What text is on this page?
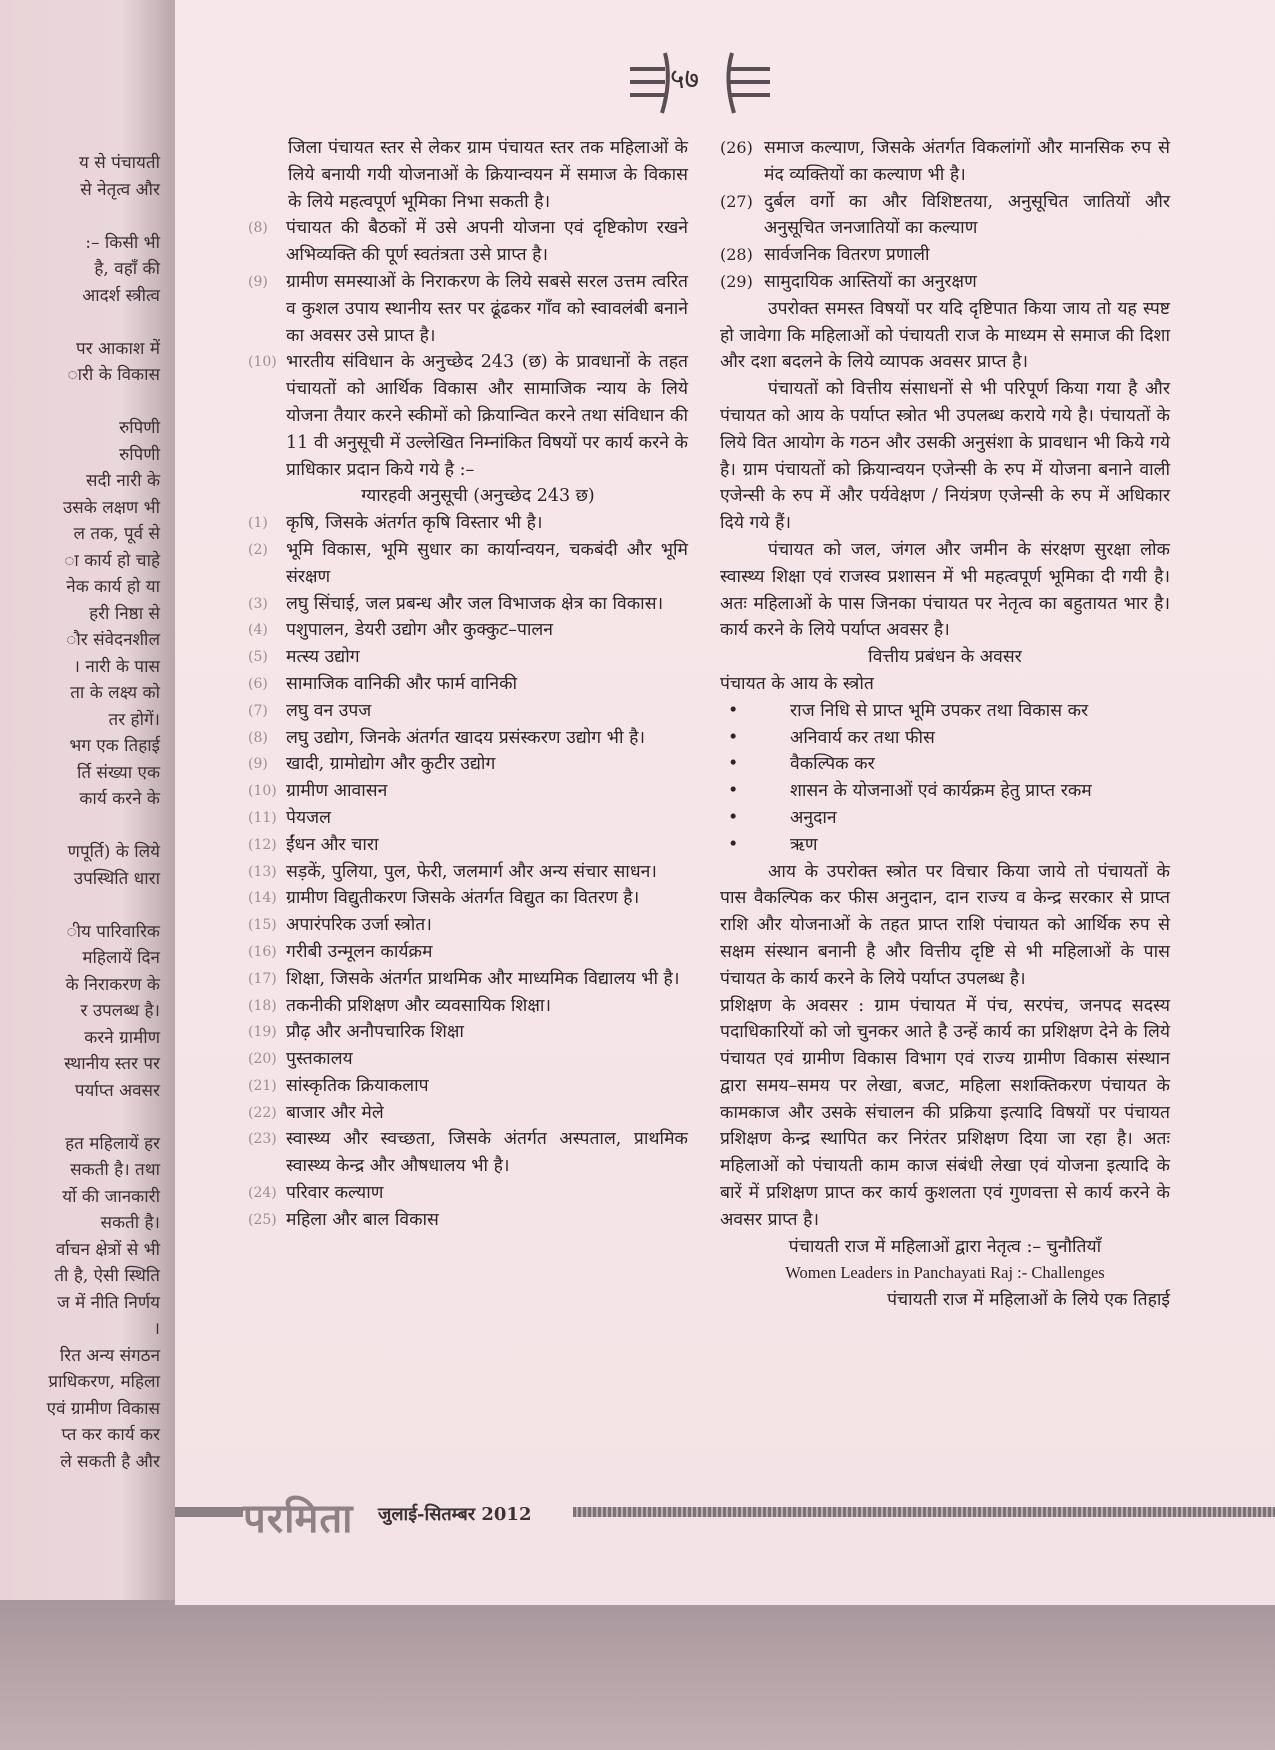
य से पंचायती
से नेतृत्व और
:– किसी भी
है, वहाँ की
आदर्श स्त्रीत्व
पर आकाश में
ारी के विकास
रुपिणी
रुपिणी
सदी नारी के
उसके लक्षण भी
ल तक, पूर्व से
ा कार्य हो चाहे
नेक कार्य हो या
हरी निष्ठा से
ौर संवेदनशील
। नारी के पास
ता के लक्ष्य को
तर होगें।
भग एक तिहाई
र्ति संख्या एक
कार्य करने के
णपूर्ति) के लिये
उपस्थिति धारा
ीय पारिवारिक
महिलायें दिन
के निराकरण के
र उपलब्ध है।
करने ग्रामीण
स्थानीय स्तर पर
पर्याप्त अवसर
हत महिलायें हर
सकती है। तथा
र्यो की जानकारी
सकती है।
र्वाचन क्षेत्रों से भी
ती है, ऐसी स्थिति
ज में नीति निर्णय
।
रित अन्य संगठन
प्राधिकरण, महिला
एवं ग्रामीण विकास
प्त कर कार्य कर
ले सकती है और
५७

जिला पंचायत स्तर से लेकर ग्राम पंचायत स्तर तक महिलाओं के लिये बनायी गयी योजनाओं के क्रियान्वयन में समाज के विकास के लिये महत्वपूर्ण भूमिका निभा सकती है।

(8)	पंचायत की बैठकों में उसे अपनी योजना एवं दृष्टिकोण रखने अभिव्यक्ति की पूर्ण स्वतंत्रता उसे प्राप्त है।
(9)	ग्रामीण समस्याओं के निराकरण के लिये सबसे सरल उत्तम त्वरित व कुशल उपाय स्थानीय स्तर पर ढूंढकर गाँव को स्वावलंबी बनाने का अवसर उसे प्राप्त है।
(10) भारतीय संविधान के अनुच्छेद 243 (छ) के प्रावधानों के तहत पंचायतों को आर्थिक विकास और सामाजिक न्याय के लिये योजना तैयार करने स्कीमों को क्रियान्वित करने तथा संविधान की 11 वी अनुसूची में उल्लेखित निम्नांकित विषयों पर कार्य करने के प्राधिकार प्रदान किये गये है :–

ग्यारहवी अनुसूची (अनुच्छेद 243 छ)

(1)	कृषि, जिसके अंतर्गत कृषि विस्तार भी है।
(2)	भूमि विकास, भूमि सुधार का कार्यान्वयन, चकबंदी और भूमि संरक्षण
(3)	लघु सिंचाई, जल प्रबन्ध और जल विभाजक क्षेत्र का विकास।
(4)	पशुपालन, डेयरी उद्योग और कुक्कुट–पालन
(5)	मत्स्य उद्योग
(6)	सामाजिक वानिकी और फार्म वानिकी
(7)	लघु वन उपज
(8)	लघु उद्योग, जिनके अंतर्गत खादय प्रसंस्करण उद्योग भी है।
(9)	खादी, ग्रामोद्योग और कुटीर उद्योग
(10) ग्रामीण आवासन
(11) पेयजल
(12) ईंधन और चारा
(13) सड़कें, पुलिया, पुल, फेरी, जलमार्ग और अन्य संचार साधन।
(14) ग्रामीण विद्युतीकरण जिसके अंतर्गत विद्युत का वितरण है।
(15) अपारंपरिक उर्जा स्त्रोत।
(16) गरीबी उन्मूलन कार्यक्रम
(17) शिक्षा, जिसके अंतर्गत प्राथमिक और माध्यमिक विद्यालय भी है।
(18) तकनीकी प्रशिक्षण और व्यवसायिक शिक्षा।
(19) प्रौढ़ और अनौपचारिक शिक्षा
(20) पुस्तकालय
(21) सांस्कृतिक क्रियाकलाप
(22) बाजार और मेले
(23) स्वास्थ्य और स्वच्छता, जिसके अंतर्गत अस्पताल, प्राथमिक स्वास्थ्य केन्द्र और औषधालय भी है।
(24) परिवार कल्याण
(25) महिला और बाल विकास
(26) समाज कल्याण, जिसके अंतर्गत विकलांगों और मानसिक रुप से मंद व्यक्तियों का कल्याण भी है।
(27) दुर्बल वर्गो का और विशिष्टतया, अनुसूचित जातियों और अनुसूचित जनजातियों का कल्याण
(28) सार्वजनिक वितरण प्रणाली
(29) सामुदायिक आस्तियों का अनुरक्षण

उपरोक्त समस्त विषयों पर यदि दृष्टिपात किया जाय तो यह स्पष्ट हो जावेगा कि महिलाओं को पंचायती राज के माध्यम से समाज की दिशा और दशा बदलने के लिये व्यापक अवसर प्राप्त है।

पंचायतों को वित्तीय संसाधनों से भी परिपूर्ण किया गया है और पंचायत को आय के पर्याप्त स्त्रोत भी उपलब्ध कराये गये है। पंचायतों के लिये वित आयोग के गठन और उसकी अनुसंशा के प्रावधान भी किये गये है। ग्राम पंचायतों को क्रियान्वयन एजेन्सी के रुप में योजना बनाने वाली एजेन्सी के रुप में और पर्यवेक्षण / नियंत्रण एजेन्सी के रुप में अधिकार दिये गये हैं।

पंचायत को जल, जंगल और जमीन के संरक्षण सुरक्षा लोक स्वास्थ्य शिक्षा एवं राजस्व प्रशासन में भी महत्वपूर्ण भूमिका दी गयी है। अतः महिलाओं के पास जिनका पंचायत पर नेतृत्व का बहुतायत भार है। कार्य करने के लिये पर्याप्त अवसर है।

वित्तीय प्रबंधन के अवसर

पंचायत के आय के स्त्रोत

•	राज निधि से प्राप्त भूमि उपकर तथा विकास कर
•	अनिवार्य कर तथा फीस
•	वैकल्पिक कर
•	शासन के योजनाओं एवं कार्यक्रम हेतु प्राप्त रकम
•	अनुदान
•	ऋण

आय के उपरोक्त स्त्रोत पर विचार किया जाये तो पंचायतों के पास वैकल्पिक कर फीस अनुदान, दान राज्य व केन्द्र सरकार से प्राप्त राशि और योजनाओं के तहत प्राप्त राशि पंचायत को आर्थिक रुप से सक्षम संस्थान बनानी है और वित्तीय दृष्टि से भी महिलाओं के पास पंचायत के कार्य करने के लिये पर्याप्त उपलब्ध है।

प्रशिक्षण के अवसर : ग्राम पंचायत में पंच, सरपंच, जनपद सदस्य पदाधिकारियों को जो चुनकर आते है उन्हें कार्य का प्रशिक्षण देने के लिये पंचायत एवं ग्रामीण विकास विभाग एवं राज्य ग्रामीण विकास संस्थान द्वारा समय–समय पर लेखा, बजट, महिला सशक्तिकरण पंचायत के कामकाज और उसके संचालन की प्रक्रिया इत्यादि विषयों पर पंचायत प्रशिक्षण केन्द्र स्थापित कर निरंतर प्रशिक्षण दिया जा रहा है। अतः महिलाओं को पंचायती काम काज संबंधी लेखा एवं योजना इत्यादि के बारें में प्रशिक्षण प्राप्त कर कार्य कुशलता एवं गुणवत्ता से कार्य करने के अवसर प्राप्त है।

पंचायती राज में महिलाओं द्वारा नेतृत्व :– चुनौतियाँ

Women Leaders in Panchayati Raj :- Challenges

पंचायती राज में महिलाओं के लिये एक तिहाई

परमिता जुलाई-सितम्बर 2012
